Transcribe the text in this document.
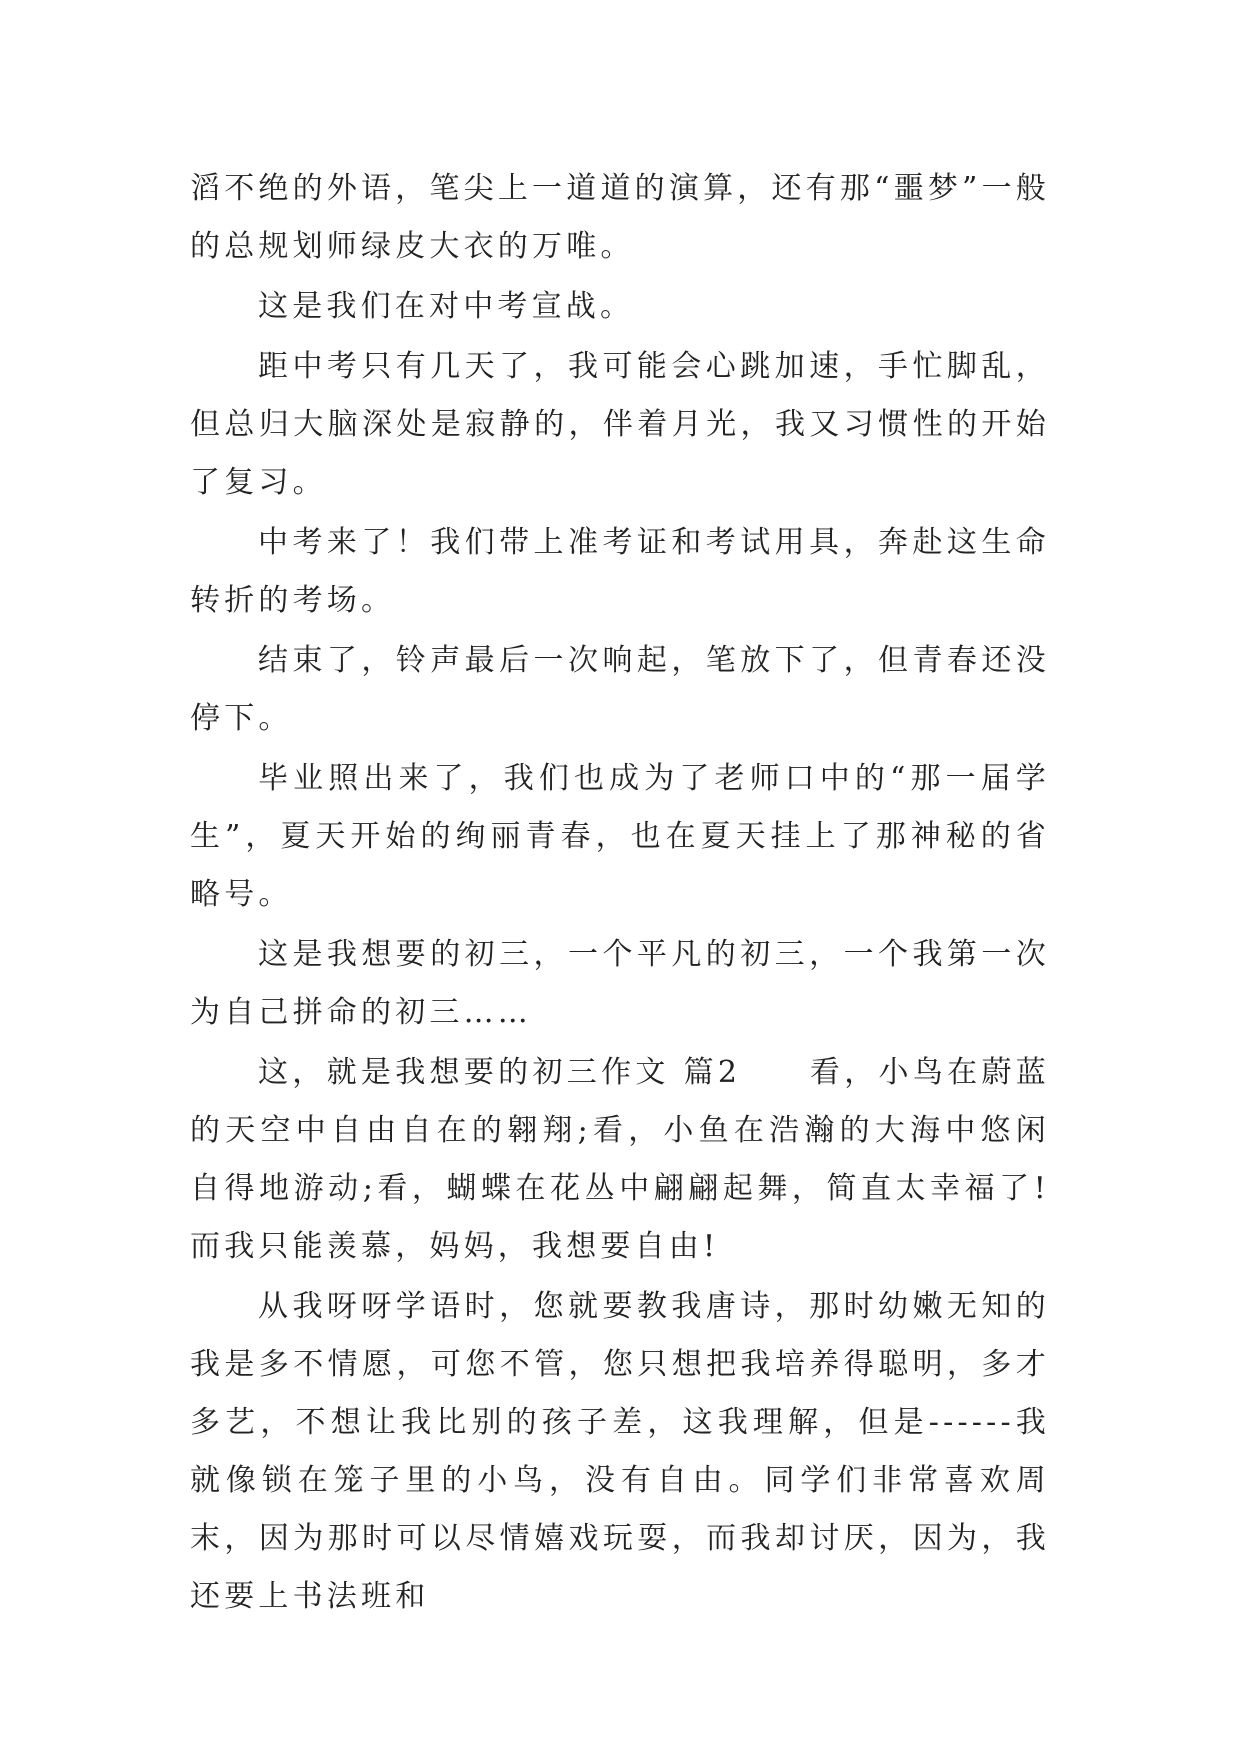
滔不绝的外语，笔尖上一道道的演算，还有那“噩梦”一般的总规划师绿皮大衣的万唯。

这是我们在对中考宣战。

距中考只有几天了，我可能会心跳加速，手忙脚乱，但总归大脑深处是寂静的，伴着月光，我又习惯性的开始了复习。

中考来了！我们带上准考证和考试用具，奔赴这生命转折的考场。

结束了，铃声最后一次响起，笔放下了，但青春还没停下。

毕业照出来了，我们也成为了老师口中的“那一届学生”，夏天开始的绚丽青春，也在夏天挂上了那神秘的省略号。

这是我想要的初三，一个平凡的初三，一个我第一次为自己拼命的初三……

这，就是我想要的初三作文 篇2　　看，小鸟在蔚蓝的天空中自由自在的翱翔;看，小鱼在浩瀚的大海中悠闲自得地游动;看，蝴蝶在花丛中翩翩起舞，简直太幸福了!而我只能羡慕，妈妈，我想要自由!

从我呀呀学语时，您就要教我唐诗，那时幼嫩无知的我是多不情愿，可您不管，您只想把我培养得聪明，多才多艺，不想让我比别的孩子差，这我理解，但是------我就像锁在笼子里的小鸟，没有自由。同学们非常喜欢周末，因为那时可以尽情嬉戏玩耍，而我却讨厌，因为，我还要上书法班和
